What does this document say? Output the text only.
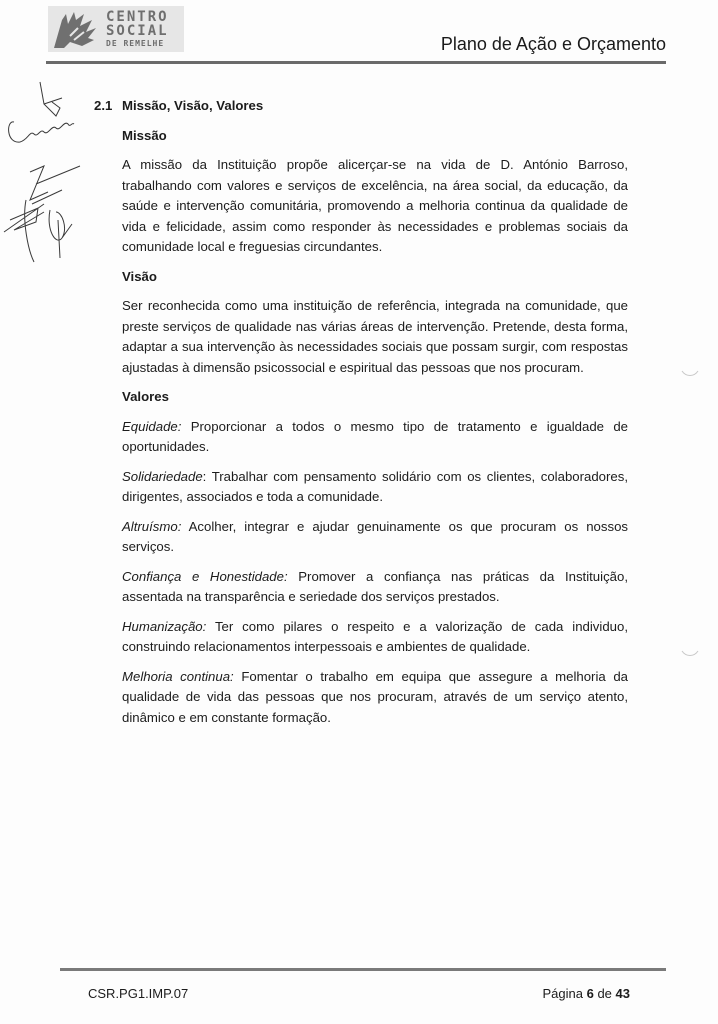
CENTRO
SOCIAL
DE REMELHE	Plano de Ação e Orçamento
2.1 Missão, Visão, Valores
Missão

A missão da Instituição propõe alicerçar-se na vida de D. António Barroso, trabalhando com valores e serviços de excelência, na área social, da educação, da saúde e intervenção comunitária, promovendo a melhoria continua da qualidade de vida e felicidade, assim como responder às necessidades e problemas sociais da comunidade local e freguesias circundantes.

Visão

Ser reconhecida como uma instituição de referência, integrada na comunidade, que preste serviços de qualidade nas várias áreas de intervenção. Pretende, desta forma, adaptar a sua intervenção às necessidades sociais que possam surgir, com respostas ajustadas à dimensão psicossocial e espiritual das pessoas que nos procuram.

Valores

Equidade: Proporcionar a todos o mesmo tipo de tratamento e igualdade de oportunidades.

Solidariedade: Trabalhar com pensamento solidário com os clientes, colaboradores, dirigentes, associados e toda a comunidade.

Altruísmo: Acolher, integrar e ajudar genuinamente os que procuram os nossos serviços.

Confiança e Honestidade: Promover a confiança nas práticas da Instituição, assentada na transparência e seriedade dos serviços prestados.

Humanização: Ter como pilares o respeito e a valorização de cada individuo, construindo relacionamentos interpessoais e ambientes de qualidade.

Melhoria continua: Fomentar o trabalho em equipa que assegure a melhoria da qualidade de vida das pessoas que nos procuram, através de um serviço atento, dinâmico e em constante formação.

CSR.PG1.IMP.07	Página 6 de 43
